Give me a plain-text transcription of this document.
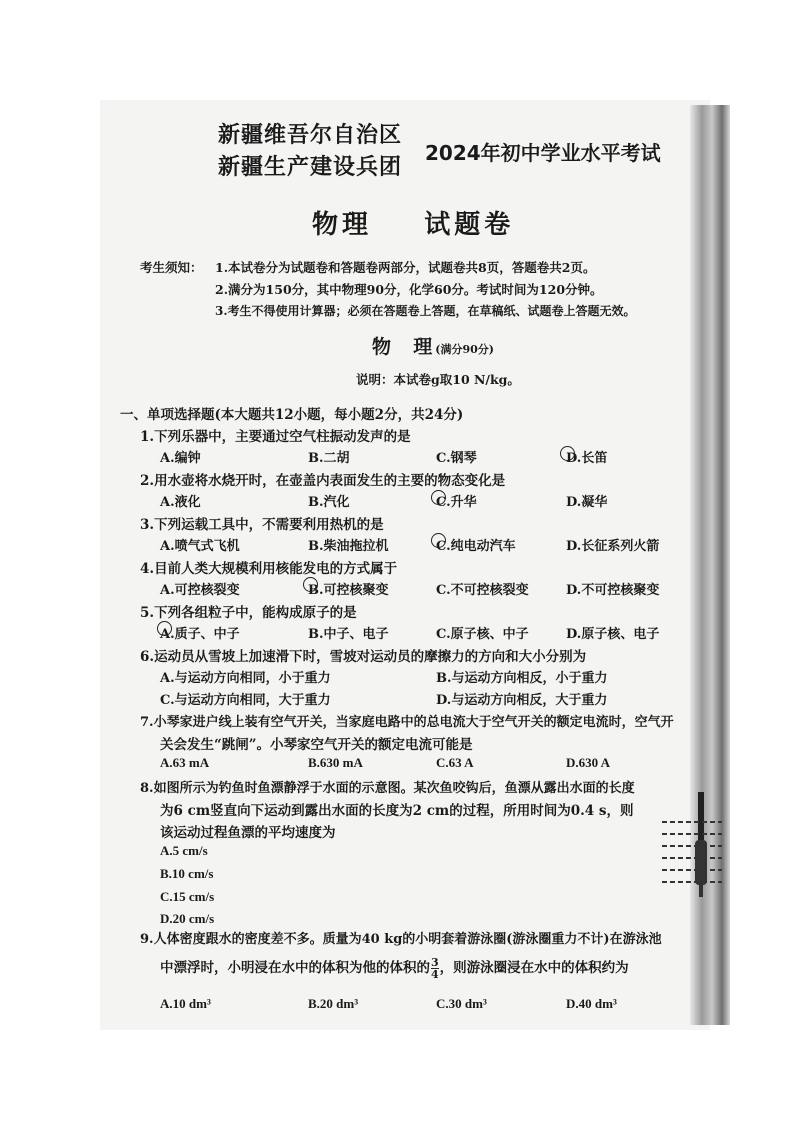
新疆维吾尔自治区
新疆生产建设兵团
2024年初中学业水平考试
物理    试题卷
考生须知： 1.本试卷分为试题卷和答题卷两部分，试题卷共8页，答题卷共2页。
2.满分为150分，其中物理90分，化学60分。考试时间为120分钟。
3.考生不得使用计算器；必须在答题卷上答题，在草稿纸、试题卷上答题无效。
物  理(满分90分)
说明：本试卷g取10 N/kg。
一、单项选择题(本大题共12小题，每小题2分，共24分)
1.下列乐器中，主要通过空气柱振动发声的是
A.编钟	B.二胡	C.钢琴	D.长笛
2.用水壶将水烧开时，在壶盖内表面发生的主要的物态变化是
A.液化	B.汽化	C.升华	D.凝华
3.下列运载工具中，不需要利用热机的是
A.喷气式飞机	B.柴油拖拉机	C.纯电动汽车	D.长征系列火箭
4.目前人类大规模利用核能发电的方式属于
A.可控核裂变	B.可控核聚变	C.不可控核裂变	D.不可控核聚变
5.下列各组粒子中，能构成原子的是
A.质子、中子	B.中子、电子	C.原子核、中子	D.原子核、电子
6.运动员从雪坡上加速滑下时，雪坡对运动员的摩擦力的方向和大小分别为
A.与运动方向相同，小于重力	B.与运动方向相反，小于重力
C.与运动方向相同，大于重力	D.与运动方向相反，大于重力
7.小琴家进户线上装有空气开关，当家庭电路中的总电流大于空气开关的额定电流时，空气开
关会发生“跳闸”。小琴家空气开关的额定电流可能是
A.63 mA	B.630 mA	C.63 A	D.630 A
8.如图所示为钓鱼时鱼漂静浮于水面的示意图。某次鱼咬钩后，鱼漂从露出水面的长度
为6 cm竖直向下运动到露出水面的长度为2 cm的过程，所用时间为0.4 s，则
该运动过程鱼漂的平均速度为
A.5 cm/s
B.10 cm/s
C.15 cm/s
D.20 cm/s
9.人体密度跟水的密度差不多。质量为40 kg的小明套着游泳圈(游泳圈重力不计)在游泳池
中漂浮时，小明浸在水中的体积为他的体积的 $\frac{3}{4}$ ，则游泳圈浸在水中的体积约为
A.10 dm³	B.20 dm³	C.30 dm³	D.40 dm³
